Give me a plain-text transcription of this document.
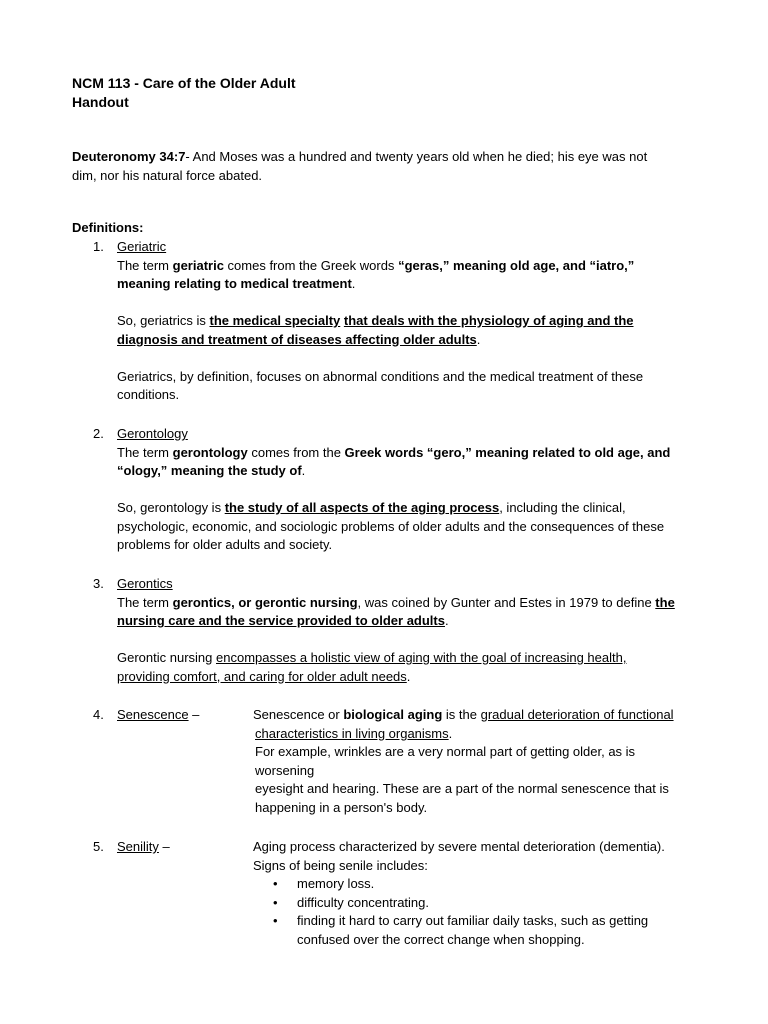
NCM 113 - Care of the Older Adult

Handout

Deuteronomy 34:7- And Moses was a hundred and twenty years old when he died; his eye was not

dim, nor his natural force abated.

Definitions:
1. Geriatric

The term geriatric comes from the Greek words “geras,” meaning old age, and “iatro,”

meaning relating to medical treatment.

So, geriatrics is the medical specialty that deals with the physiology of aging and the

diagnosis and treatment of diseases affecting older adults.

Geriatrics, by definition, focuses on abnormal conditions and the medical treatment of these

conditions.

2. Gerontology

The term gerontology comes from the Greek words “gero,” meaning related to old age, and

“ology,” meaning the study of.

So, gerontology is the study of all aspects of the aging process, including the clinical,

psychologic, economic, and sociologic problems of older adults and the consequences of these

problems for older adults and society.

3. Gerontics

The term gerontics, or gerontic nursing, was coined by Gunter and Estes in 1979 to define the

nursing care and the service provided to older adults.

Gerontic nursing encompasses a holistic view of aging with the goal of increasing health,

providing comfort, and caring for older adult needs.

4. Senescence –	Senescence or biological aging is the gradual deterioration of functional

characteristics in living organisms.

For example, wrinkles are a very normal part of getting older, as is

worsening

eyesight and hearing. These are a part of the normal senescence that is

happening in a person's body.

5. Senility –	Aging process characterized by severe mental deterioration (dementia).

Signs of being senile includes:

• memory loss.
• difficulty concentrating.
• finding it hard to carry out familiar daily tasks, such as getting
confused over the correct change when shopping.
